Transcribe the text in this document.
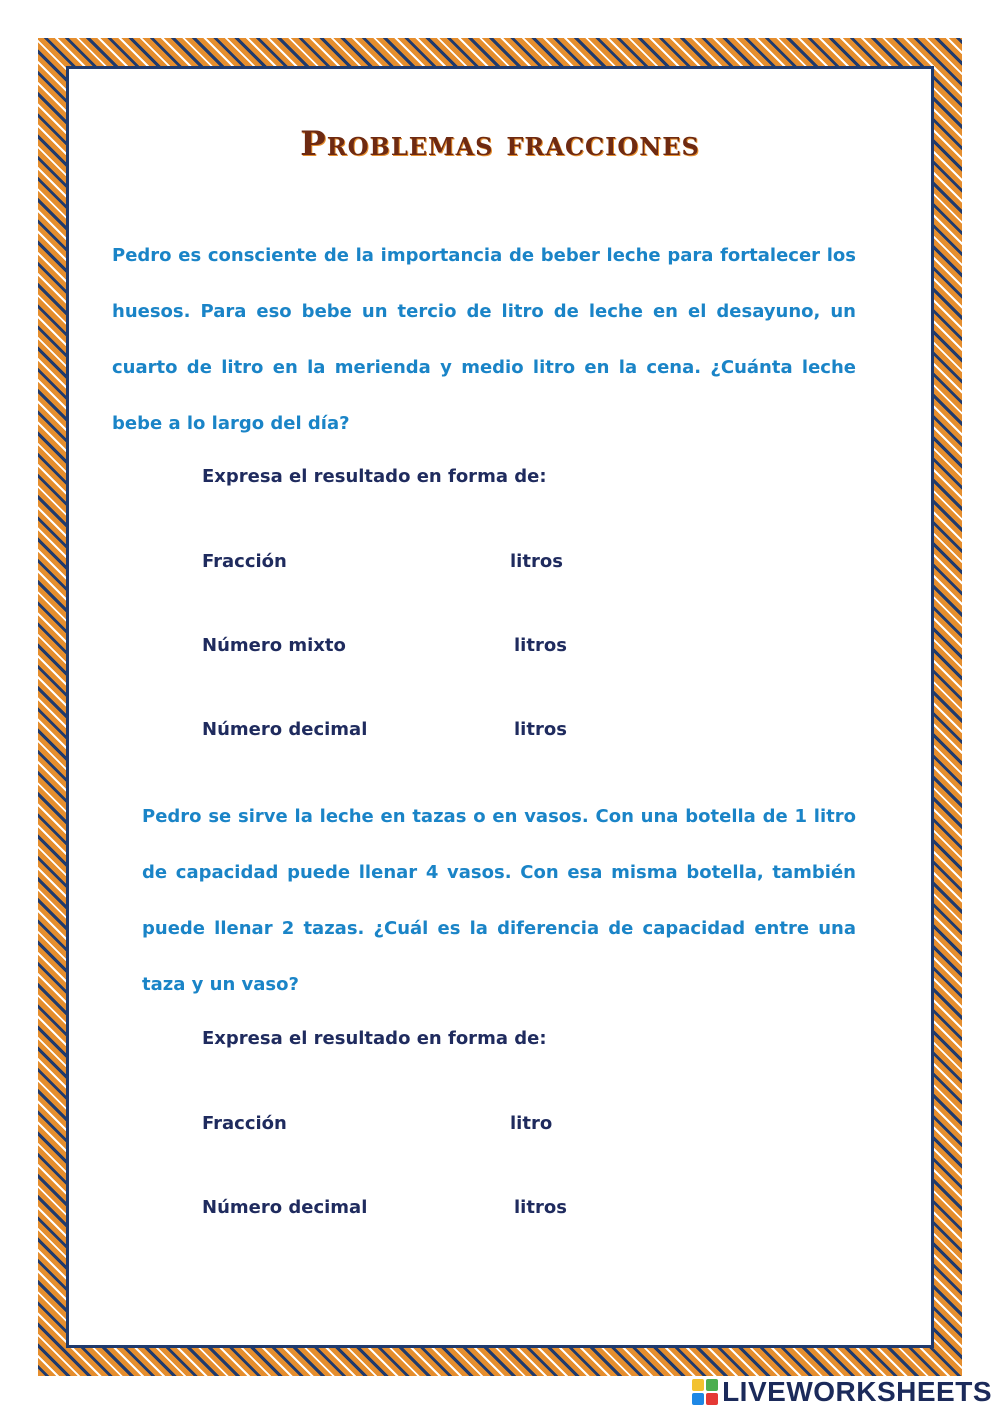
Problemas fracciones
Pedro es consciente de la importancia de beber leche para fortalecer los huesos. Para eso bebe un tercio de litro de leche en el desayuno, un cuarto de litro en la merienda y medio litro en la cena. ¿Cuánta leche bebe a lo largo del día?
Expresa el resultado en forma de:
Fracción	litros
Número mixto	litros
Número decimal	litros
Pedro se sirve la leche en tazas o en vasos. Con una botella de 1 litro de capacidad puede llenar 4 vasos. Con esa misma botella, también puede llenar 2 tazas. ¿Cuál es la diferencia de capacidad entre una taza y un vaso?
Expresa el resultado en forma de:
Fracción	litro
Número decimal	litros
LIVEWORKSHEETS
